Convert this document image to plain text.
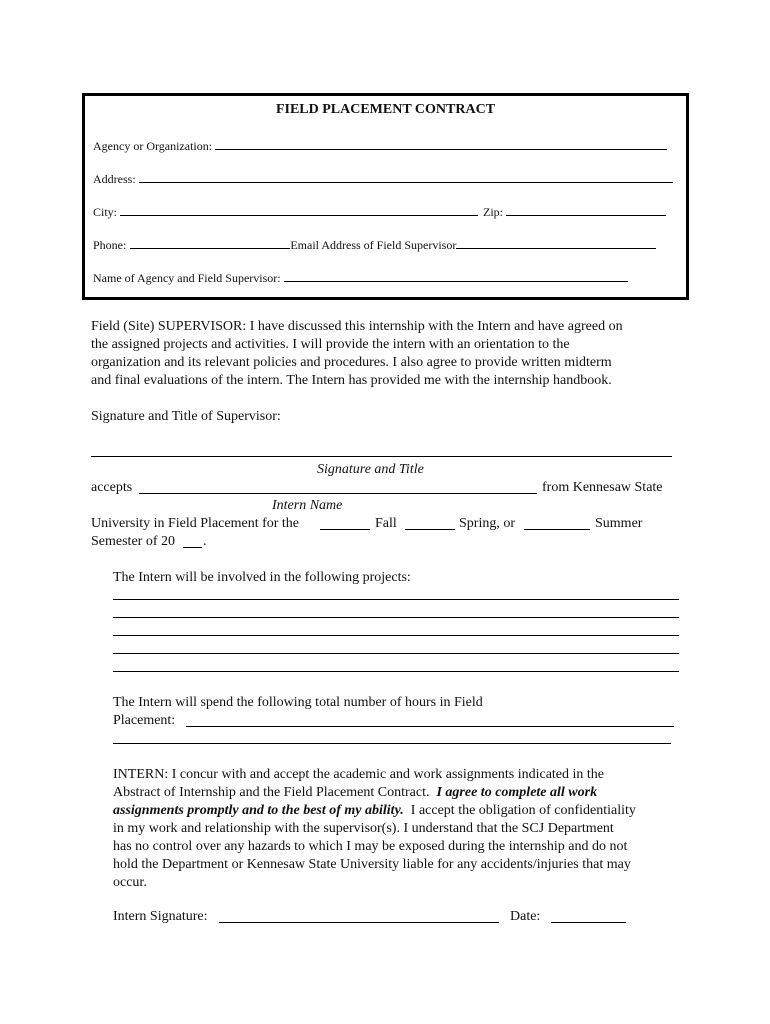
FIELD PLACEMENT CONTRACT
Agency or Organization:
Address:
City:	Zip:
Phone:	Email Address of Field Supervisor
Name of Agency and Field Supervisor:
Field (Site) SUPERVISOR: I have discussed this internship with the Intern and have agreed on
the assigned projects and activities. I will provide the intern with an orientation to the
organization and its relevant policies and procedures. I also agree to provide written midterm
and final evaluations of the intern. The Intern has provided me with the internship handbook.
Signature and Title of Supervisor:
Signature and Title
accepts	from Kennesaw State
Intern Name
University in Field Placement for the	Fall	Spring, or	Summer
Semester of 20 .
The Intern will be involved in the following projects:
The Intern will spend the following total number of hours in Field
Placement:
INTERN: I concur with and accept the academic and work assignments indicated in the
Abstract of Internship and the Field Placement Contract. I agree to complete all work
assignments promptly and to the best of my ability. I accept the obligation of confidentiality
in my work and relationship with the supervisor(s). I understand that the SCJ Department
has no control over any hazards to which I may be exposed during the internship and do not
hold the Department or Kennesaw State University liable for any accidents/injuries that may
occur.
Intern Signature:	Date:
